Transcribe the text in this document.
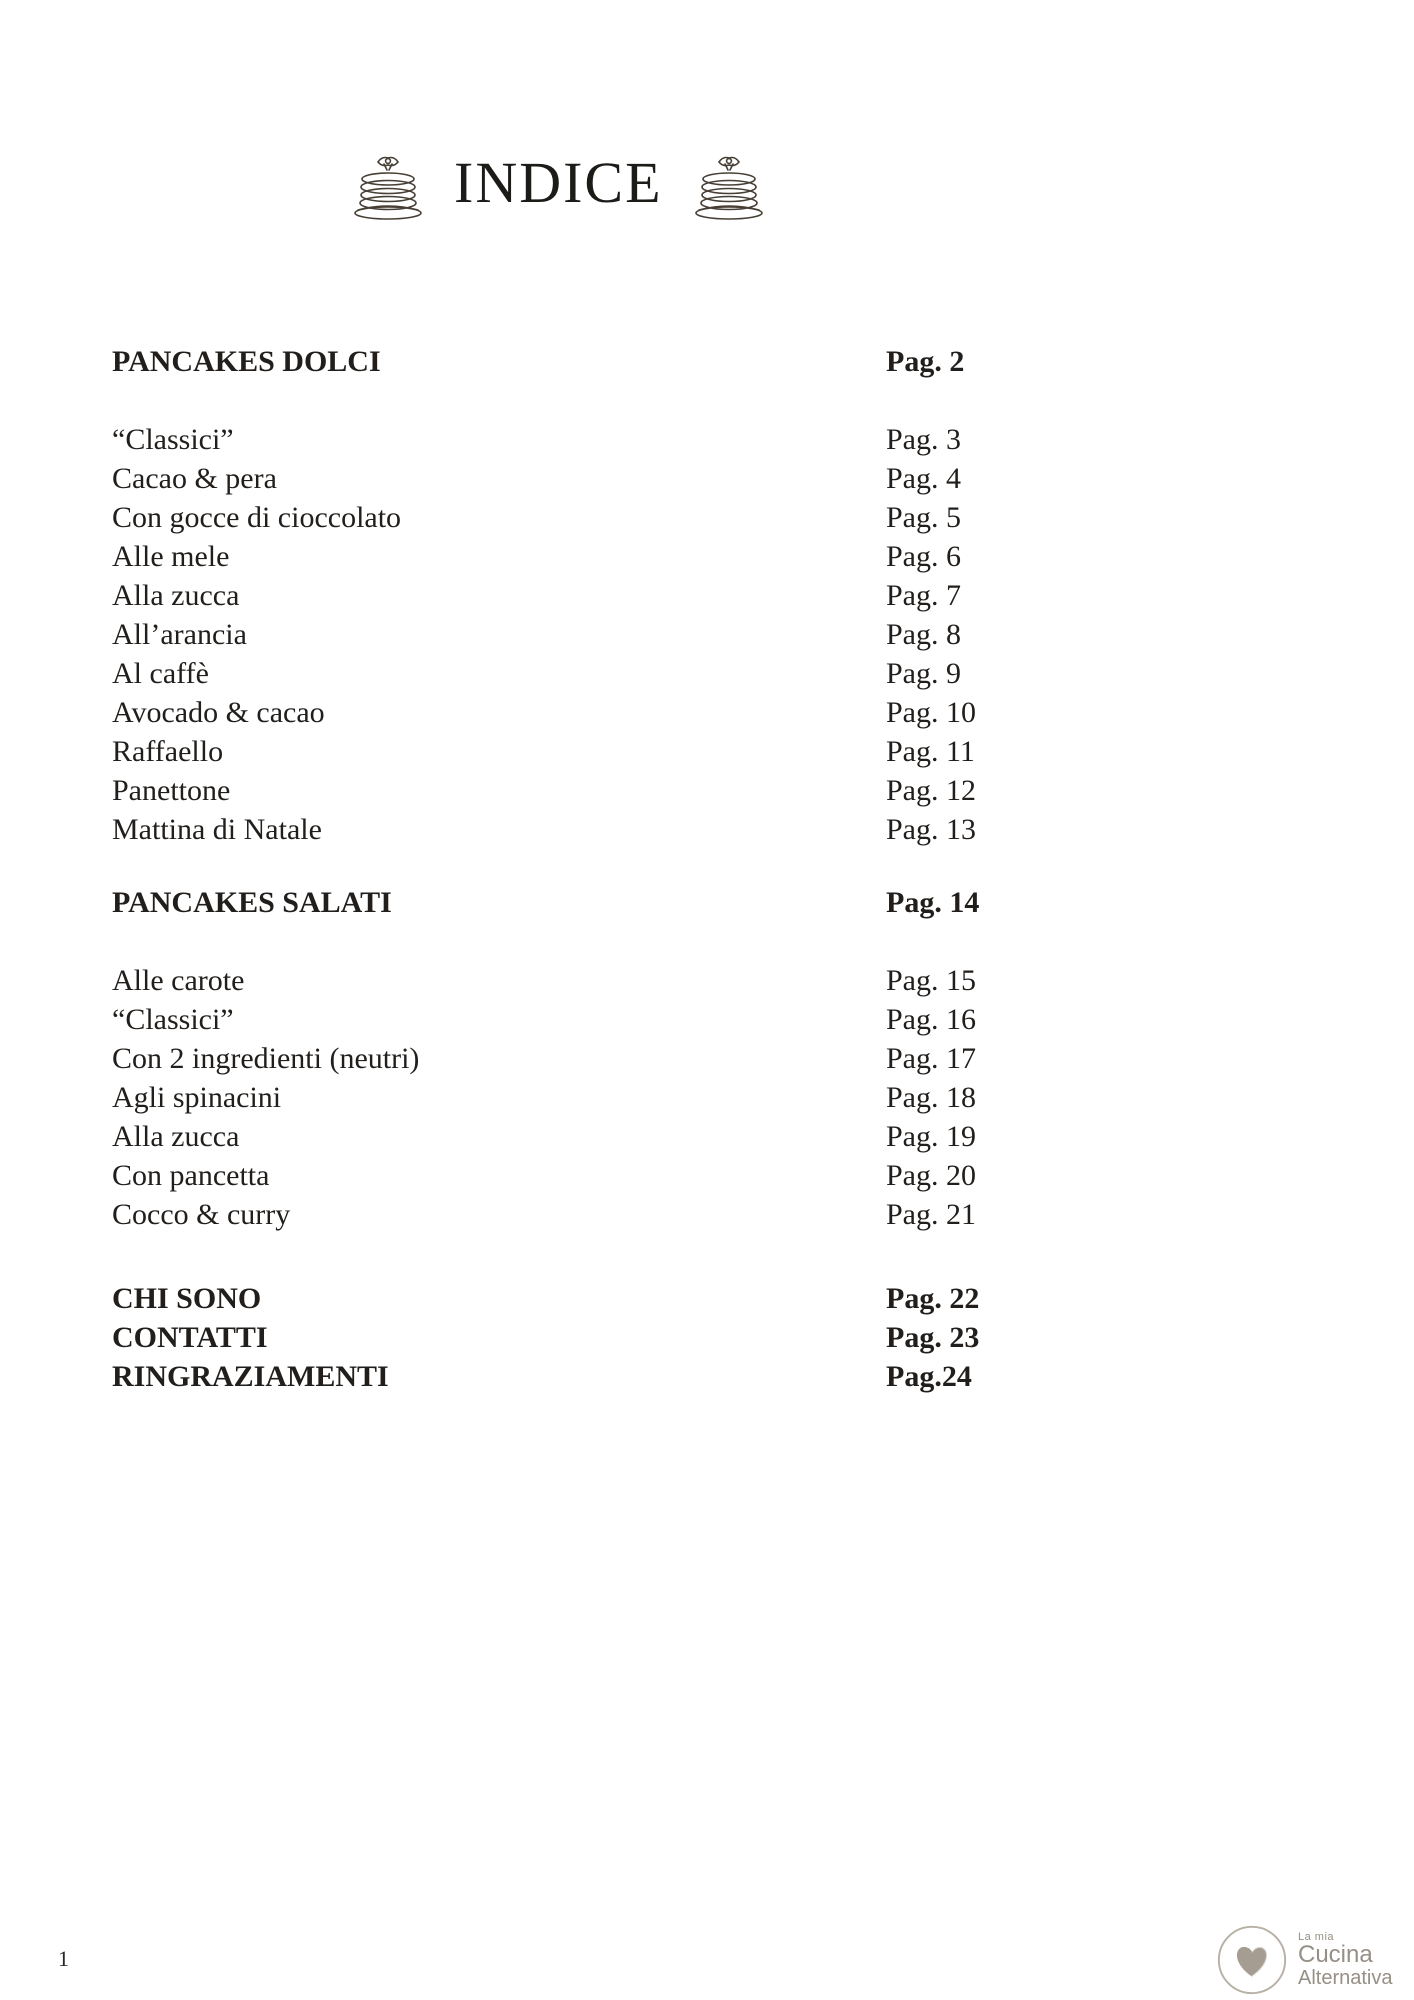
INDICE
PANCAKES DOLCI	Pag. 2
“Classici”	Pag. 3
Cacao & pera	Pag. 4
Con gocce di cioccolato	Pag. 5
Alle mele	Pag. 6
Alla zucca	Pag. 7
All’arancia	Pag. 8
Al caffè	Pag. 9
Avocado & cacao	Pag. 10
Raffaello	Pag. 11
Panettone	Pag. 12
Mattina di Natale	Pag. 13
PANCAKES SALATI	Pag. 14
Alle carote	Pag. 15
“Classici”	Pag. 16
Con 2 ingredienti (neutri)	Pag. 17
Agli spinacini	Pag. 18
Alla zucca	Pag. 19
Con pancetta	Pag. 20
Cocco & curry	Pag. 21
CHI SONO	Pag. 22
CONTATTI	Pag. 23
RINGRAZIAMENTI	Pag.24
1
La mia
Cucina
Alternativa
